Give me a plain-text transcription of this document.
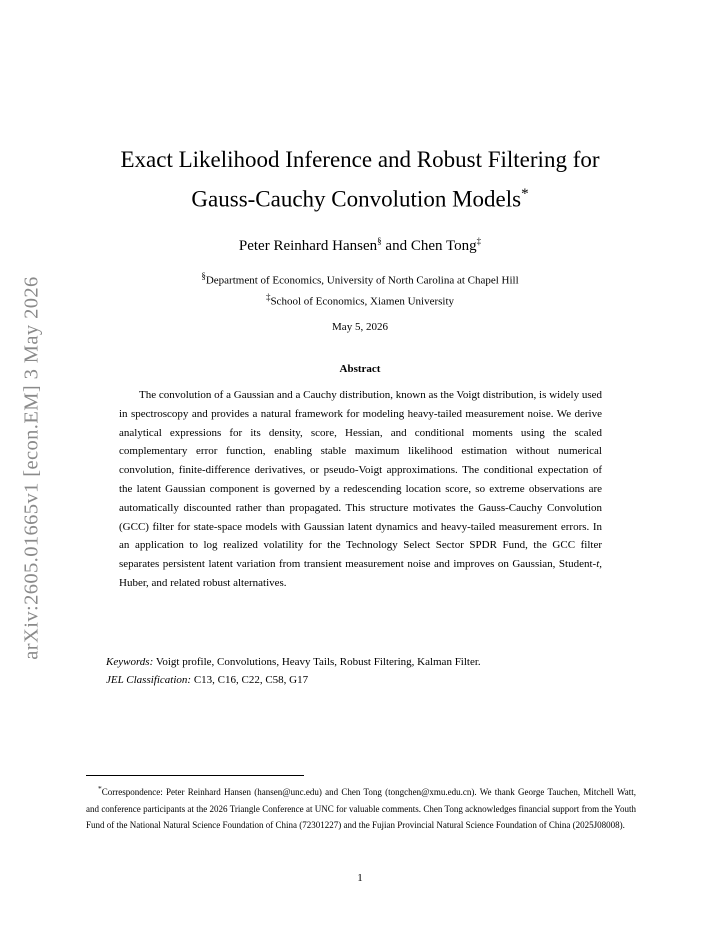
arXiv:2605.01665v1 [econ.EM] 3 May 2026
Exact Likelihood Inference and Robust Filtering for
Gauss-Cauchy Convolution Models*
Peter Reinhard Hansen§ and Chen Tong‡
§Department of Economics, University of North Carolina at Chapel Hill
‡School of Economics, Xiamen University
May 5, 2026
Abstract

The convolution of a Gaussian and a Cauchy distribution, known as the Voigt distribution, is widely used in spectroscopy and provides a natural framework for modeling heavy-tailed measurement noise. We derive analytical expressions for its density, score, Hessian, and conditional moments using the scaled complementary error function, enabling stable maximum likelihood estimation without numerical convolution, finite-difference derivatives, or pseudo-Voigt approximations. The conditional expectation of the latent Gaussian component is governed by a redescending location score, so extreme observations are automatically discounted rather than propagated. This structure motivates the Gauss-Cauchy Convolution (GCC) filter for state-space models with Gaussian latent dynamics and heavy-tailed measurement errors. In an application to log realized volatility for the Technology Select Sector SPDR Fund, the GCC filter separates persistent latent variation from transient measurement noise and improves on Gaussian, Student-t, Huber, and related robust alternatives.

Keywords: Voigt profile, Convolutions, Heavy Tails, Robust Filtering, Kalman Filter.
JEL Classification: C13, C16, C22, C58, G17

*Correspondence: Peter Reinhard Hansen (hansen@unc.edu) and Chen Tong (tongchen@xmu.edu.cn). We thank George Tauchen, Mitchell Watt, and conference participants at the 2026 Triangle Conference at UNC for valuable comments. Chen Tong acknowledges financial support from the Youth Fund of the National Natural Science Foundation of China (72301227) and the Fujian Provincial Natural Science Foundation of China (2025J08008).

1
